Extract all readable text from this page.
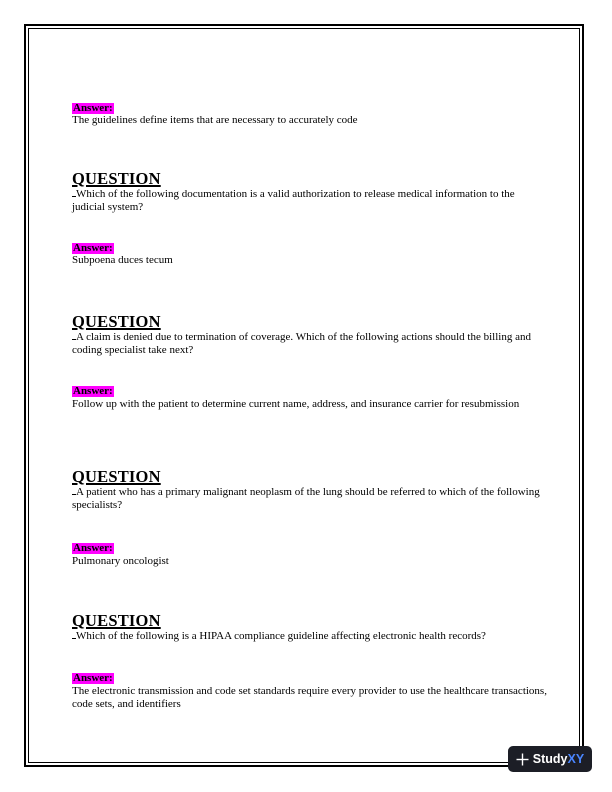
Answer:
The guidelines define items that are necessary to accurately code
QUESTION
Which of the following documentation is a valid authorization to release medical information to the judicial system?
Answer:
Subpoena duces tecum
QUESTION
A claim is denied due to termination of coverage. Which of the following actions should the billing and coding specialist take next?
Answer:
Follow up with the patient to determine current name, address, and insurance carrier for resubmission
QUESTION
A patient who has a primary malignant neoplasm of the lung should be referred to which of the following specialists?
Answer:
Pulmonary oncologist
QUESTION
Which of the following is a HIPAA compliance guideline affecting electronic health records?
Answer:
The electronic transmission and code set standards require every provider to use the healthcare transactions, code sets, and identifiers
StudyXY
